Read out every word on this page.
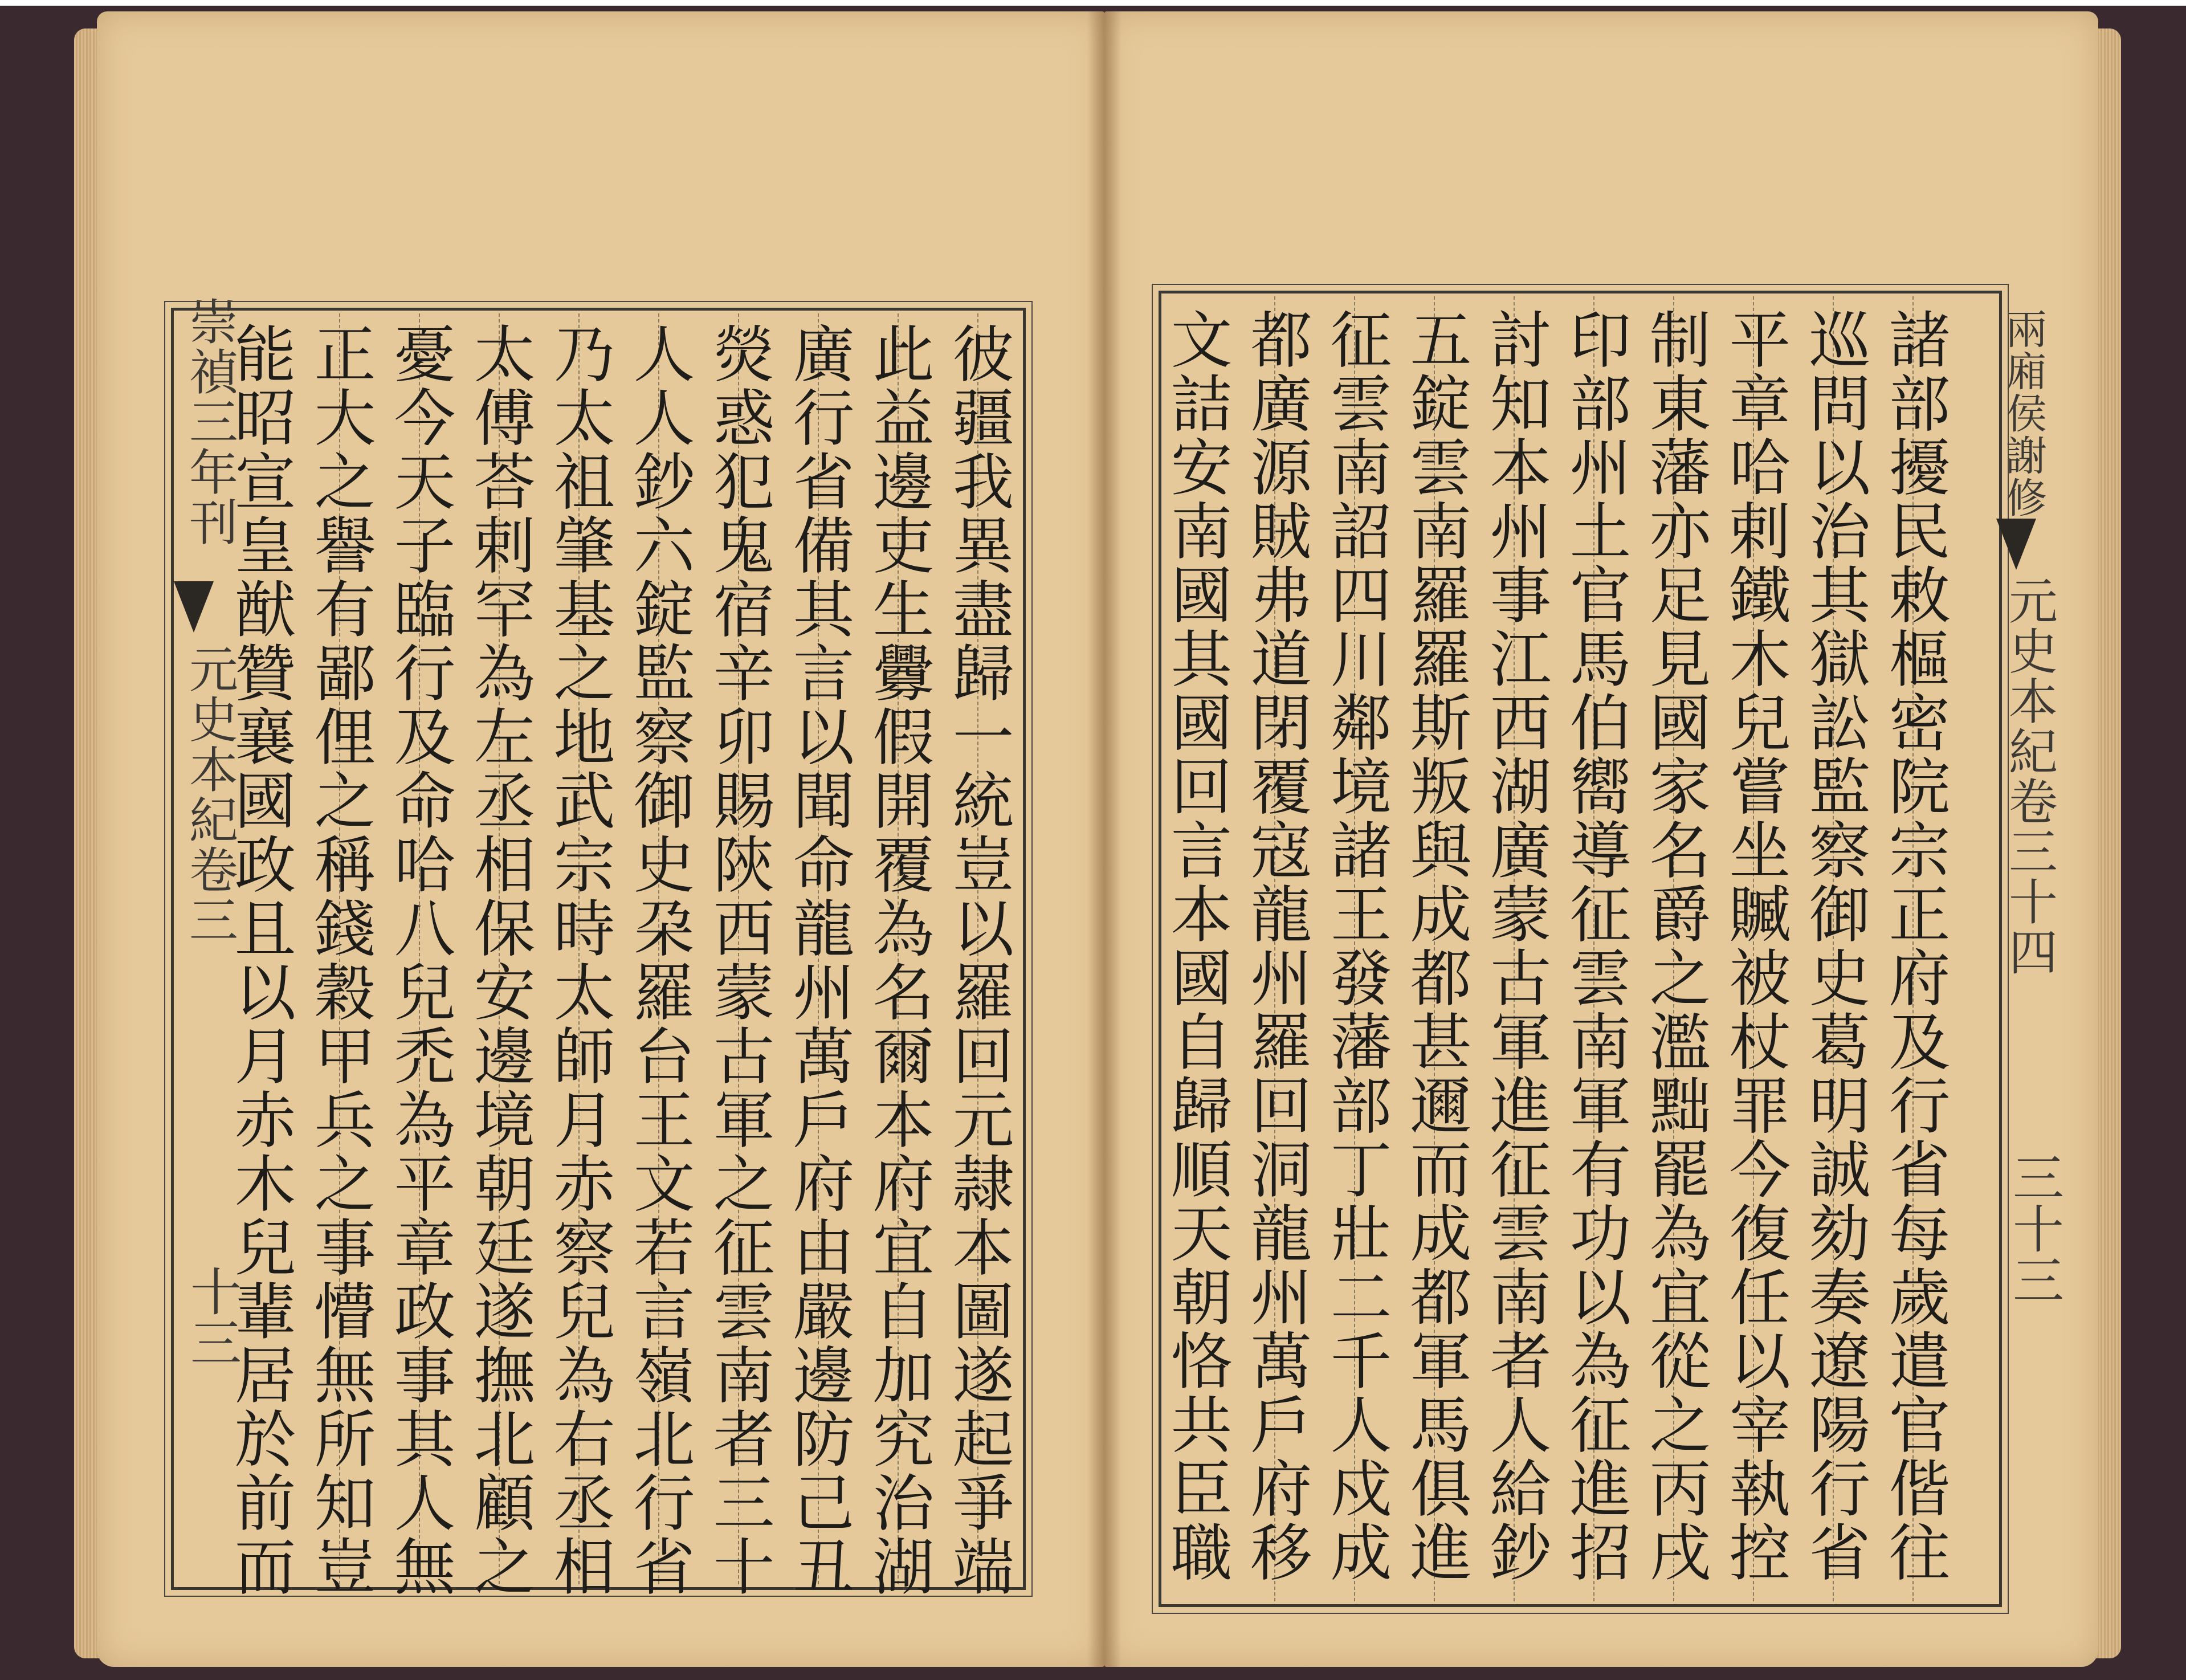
崇禎三年刊
元史本紀卷三
十三	彼疆我異盡歸一統豈以羅回元隷本圖遂起爭端
此益邊吏生釁假開覆為名爾本府宜自加究治湖
廣行省備其言以聞命龍州萬戶府由嚴邊防己丑
熒惑犯鬼宿辛卯賜陝西蒙古軍之征雲南者三十
人人鈔六錠監察御史朶羅台王文若言嶺北行省
乃太祖肇基之地武宗時太師月赤察兒為右丞相
太傅荅剌罕為左丞相保安邊境朝廷遂撫北顧之
憂今天子臨行及命哈八兒禿為平章政事其人無
正大之譽有鄙俚之稱錢穀甲兵之事懵無所知豈
能昭宣皇猷贊襄國政且以月赤木兒輩居於前而	諸部擾民敕樞密院宗正府及行省每歲遣官偕往
巡問以治其獄訟監察御史葛明誠劾奏遼陽行省
平章哈剌鐵木兒嘗坐贓被杖罪今復任以宰執控
制東藩亦足見國家名爵之濫黜罷為宜從之丙戌
印部州土官馬伯嚮導征雲南軍有功以為征進招
討知本州事江西湖廣蒙古軍進征雲南者人給鈔
五錠雲南羅羅斯叛與成都甚邇而成都軍馬俱進
征雲南詔四川鄰境諸王發藩部丁壯二千人戍成
都廣源賊弗道閉覆寇龍州羅回洞龍州萬戶府移
文詰安南國其國回言本國自歸順天朝恪共臣職	兩廂侯謝修
元史本紀卷三十四
三十三
